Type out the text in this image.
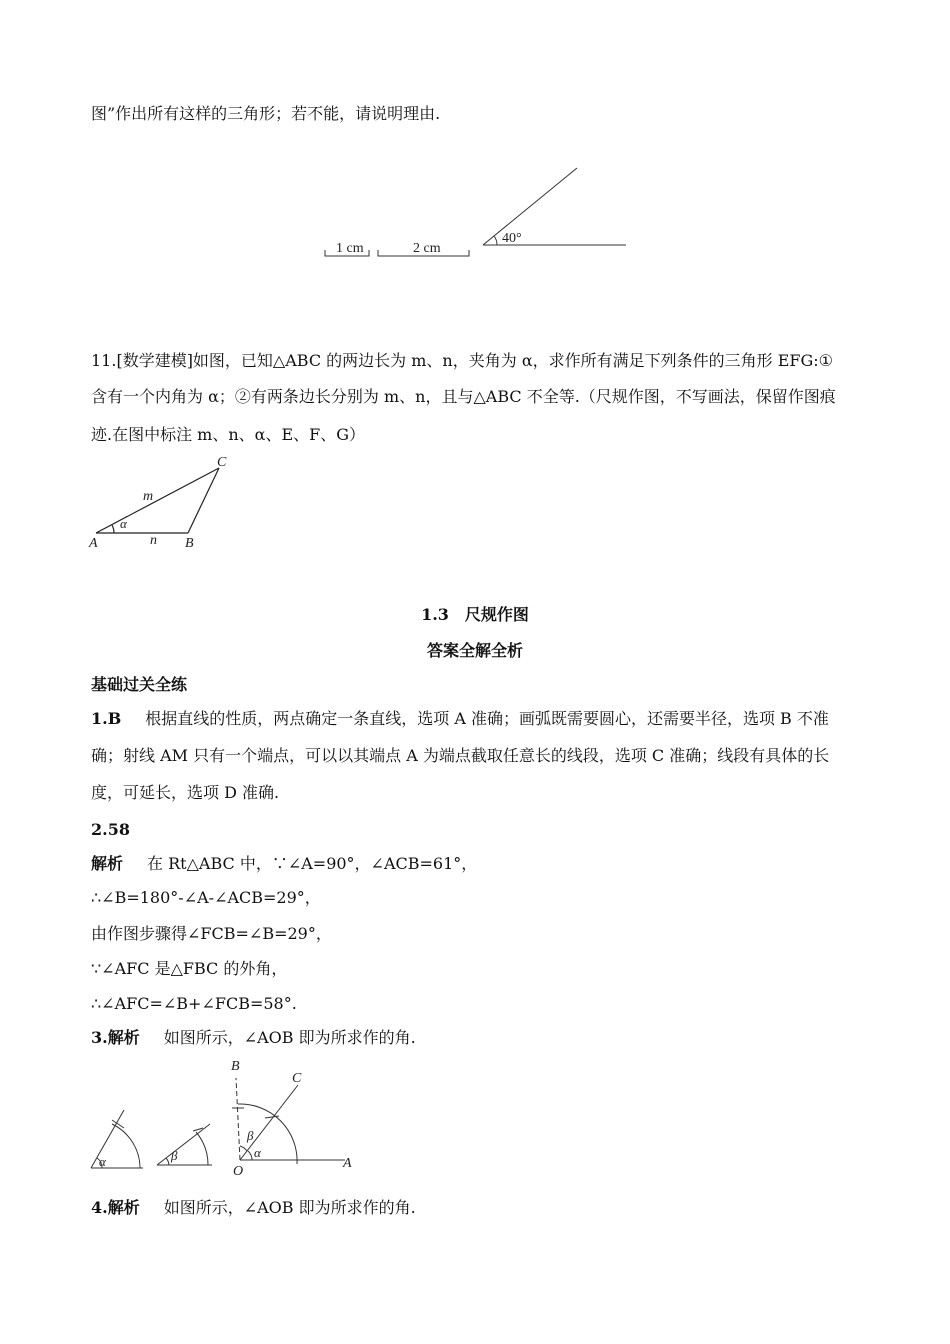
图”作出所有这样的三角形；若不能，请说明理由.
1 cm	2 cm
40°
11.[数学建模]如图，已知△ABC 的两边长为 m、n，夹角为 α，求作所有满足下列条件的三角形 EFG:①
含有一个内角为 α；②有两条边长分别为 m、n，且与△ABC 不全等.（尺规作图，不写画法，保留作图痕
迹.在图中标注 m、n、α、E、F、G）
A	B
C
m
n
α
1.3　尺规作图
答案全解全析
基础过关全练
1.B 根据直线的性质，两点确定一条直线，选项 A 准确；画弧既需要圆心，还需要半径，选项 B 不准
确；射线 AM 只有一个端点，可以以其端点 A 为端点截取任意长的线段，选项 C 准确；线段有具体的长
度，可延长，选项 D 准确.
2.58
解析 在 Rt△ABC 中，∵∠A=90°，∠ACB=61°，
∴∠B=180°-∠A-∠ACB=29°，
由作图步骤得∠FCB=∠B=29°，
∵∠AFC 是△FBC 的外角，
∴∠AFC=∠B+∠FCB=58°.
3.解析 如图所示，∠AOB 即为所求作的角.
α	β
B
C
O
A
α
β
4.解析 如图所示，∠AOB 即为所求作的角.
